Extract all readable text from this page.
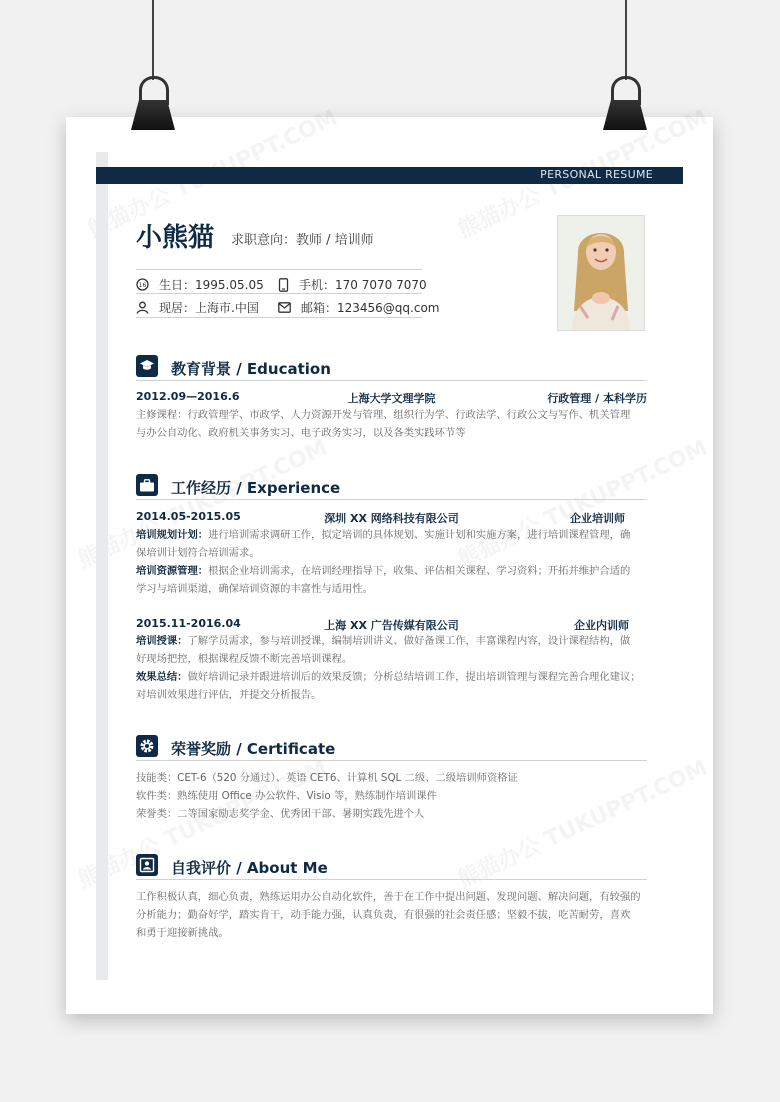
PERSONAL RESUME
小熊猫 求职意向：教师 / 培训师
16 生日：1995.05.05	手机：170 7070 7070
现居：上海市.中国	邮箱：123456@qq.com
教育背景 / Education
2012.09—2016.6	上海大学文理学院	行政管理 / 本科学历
主修课程：行政管理学、市政学、人力资源开发与管理、组织行为学、行政法学、行政公文与写作、机关管理
与办公自动化、政府机关事务实习、电子政务实习，以及各类实践环节等
工作经历 / Experience
2014.05-2015.05	深圳 XX 网络科技有限公司	企业培训师
培训规划计划：进行培训需求调研工作，拟定培训的具体规划、实施计划和实施方案，进行培训课程管理，确
保培训计划符合培训需求。
培训资源管理：根据企业培训需求，在培训经理指导下，收集、评估相关课程、学习资料；开拓并维护合适的
学习与培训渠道，确保培训资源的丰富性与适用性。
2015.11-2016.04	上海 XX 广告传媒有限公司	企业内训师
培训授课：了解学员需求，参与培训授课，编制培训讲义、做好备课工作，丰富课程内容，设计课程结构，做
好现场把控，根据课程反馈不断完善培训课程。
效果总结：做好培训记录并跟进培训后的效果反馈；分析总结培训工作，提出培训管理与课程完善合理化建议；
对培训效果进行评估，并提交分析报告。
荣誉奖励 / Certificate
技能类：CET-6（520 分通过）、英语 CET6、计算机 SQL 二级、二级培训师资格证
软件类：熟练使用 Office 办公软件、Visio 等，熟练制作培训课件
荣誉类：二等国家励志奖学金、优秀团干部、暑期实践先进个人
自我评价 / About Me
工作积极认真，细心负责，熟练运用办公自动化软件，善于在工作中提出问题、发现问题、解决问题，有较强的
分析能力；勤奋好学，踏实肯干，动手能力强，认真负责，有很强的社会责任感；坚毅不拔，吃苦耐劳，喜欢
和勇于迎接新挑战。
